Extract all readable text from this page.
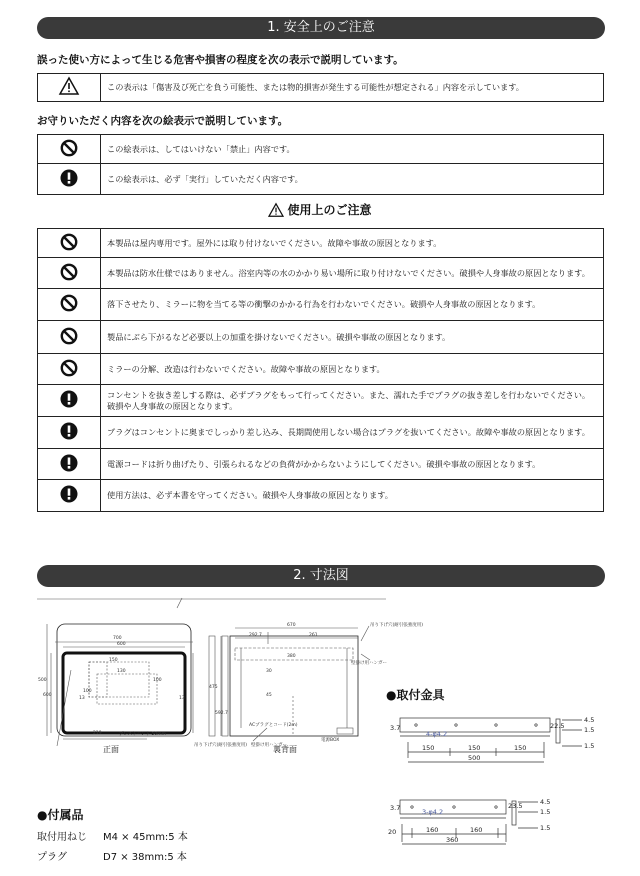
1. 安全上のご注意
誤った使い方によって生じる危害や損害の程度を次の表示で説明しています。
	この表示は「傷害及び死亡を負う可能性、または物的損害が発生する可能性が想定される」内容を示しています。
お守りいただく内容を次の絵表示で説明しています。
	この絵表示は、してはいけない「禁止」内容です。
	この絵表示は、必ず「実行」していただく内容です。
使用上のご注意
	本製品は屋内専用です。屋外には取り付けないでください。故障や事故の原因となります。
	本製品は防水仕様ではありません。浴室内等の水のかかり易い場所に取り付けないでください。破損や人身事故の原因となります。
	落下させたり、ミラーに物を当てる等の衝撃のかかる行為を行わないでください。破損や人身事故の原因となります。
	製品にぶら下がるなど必要以上の加重を掛けないでください。破損や事故の原因となります。
	ミラーの分解、改造は行わないでください。故障や事故の原因となります。
	コンセントを抜き差しする際は、必ずプラグをもって行ってください。また、濡れた手でプラグの抜き差しを行わないでください。破損や人身事故の原因となります。
	プラグはコンセントに奥までしっかり差し込み、長期間使用しない場合はプラグを抜いてください。故障や事故の原因となります。
	電源コードは折り曲げたり、引張られるなどの負荷がかからないようにしてください。破損や事故の原因となります。
	使用方法は、必ず本書を守ってください。破損や人身事故の原因となります。
2. 寸法図
700
600
500
600
150
130
100
100
13
219
13
プレストバンド 50mm
670
292.7	261
380
30
45
475
592.7
吊り下げ穴(耐引張強度用)
壁掛け用ハンガー
ACプラグとコード(2m)
吊り下げ穴(耐引張強度用) 壁掛け用ハンガー
電源BOX
正面	裏背面
●取付金具
3.7
4-φ4.2
22.5
4.5
1.5
1.5
150	150	150
500
3.7	3-φ4.2
23.5	4.5
1.5
1.5
20	160	160
360
●付属品
取付用ねじ M4 × 45mm:5 本
プラグ	D7 × 38mm:5 本
